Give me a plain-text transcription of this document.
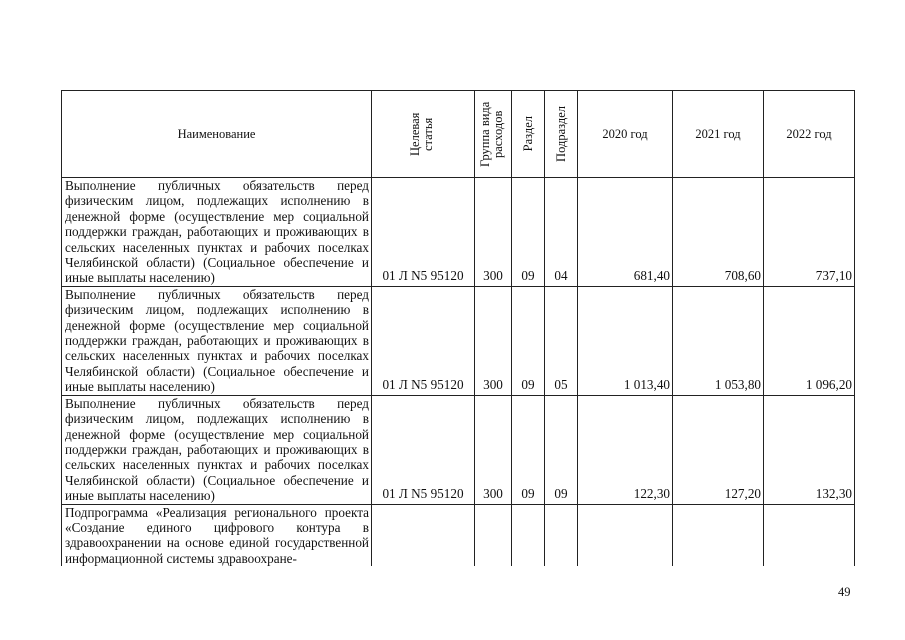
Наименование	Целевая статья	Группа вида расходов	Раздел	Подраздел	2020 год	2021 год	2022 год

Выполнение публичных обязательств перед физическим лицом, подлежащих исполнению в денежной форме (осуществление мер социальной поддержки граждан, работающих и проживающих в сельских населенных пунктах и рабочих поселках Челябинской области) (Социальное обеспечение и иные выплаты населению)	01 Л N5 95120	300	09	04	681,40	708,60	737,10

Выполнение публичных обязательств перед физическим лицом, подлежащих исполнению в денежной форме (осуществление мер социальной поддержки граждан, работающих и проживающих в сельских населенных пунктах и рабочих поселках Челябинской области) (Социальное обеспечение и иные выплаты населению)	01 Л N5 95120	300	09	05	1 013,40	1 053,80	1 096,20

Выполнение публичных обязательств перед физическим лицом, подлежащих исполнению в денежной форме (осуществление мер социальной поддержки граждан, работающих и проживающих в сельских населенных пунктах и рабочих поселках Челябинской области) (Социальное обеспечение и иные выплаты населению)	01 Л N5 95120	300	09	09	122,30	127,20	132,30

Подпрограмма «Реализация регионального проекта «Создание единого цифрового контура в здравоохранении на основе единой государственной информационной системы здравоохране-							

49
